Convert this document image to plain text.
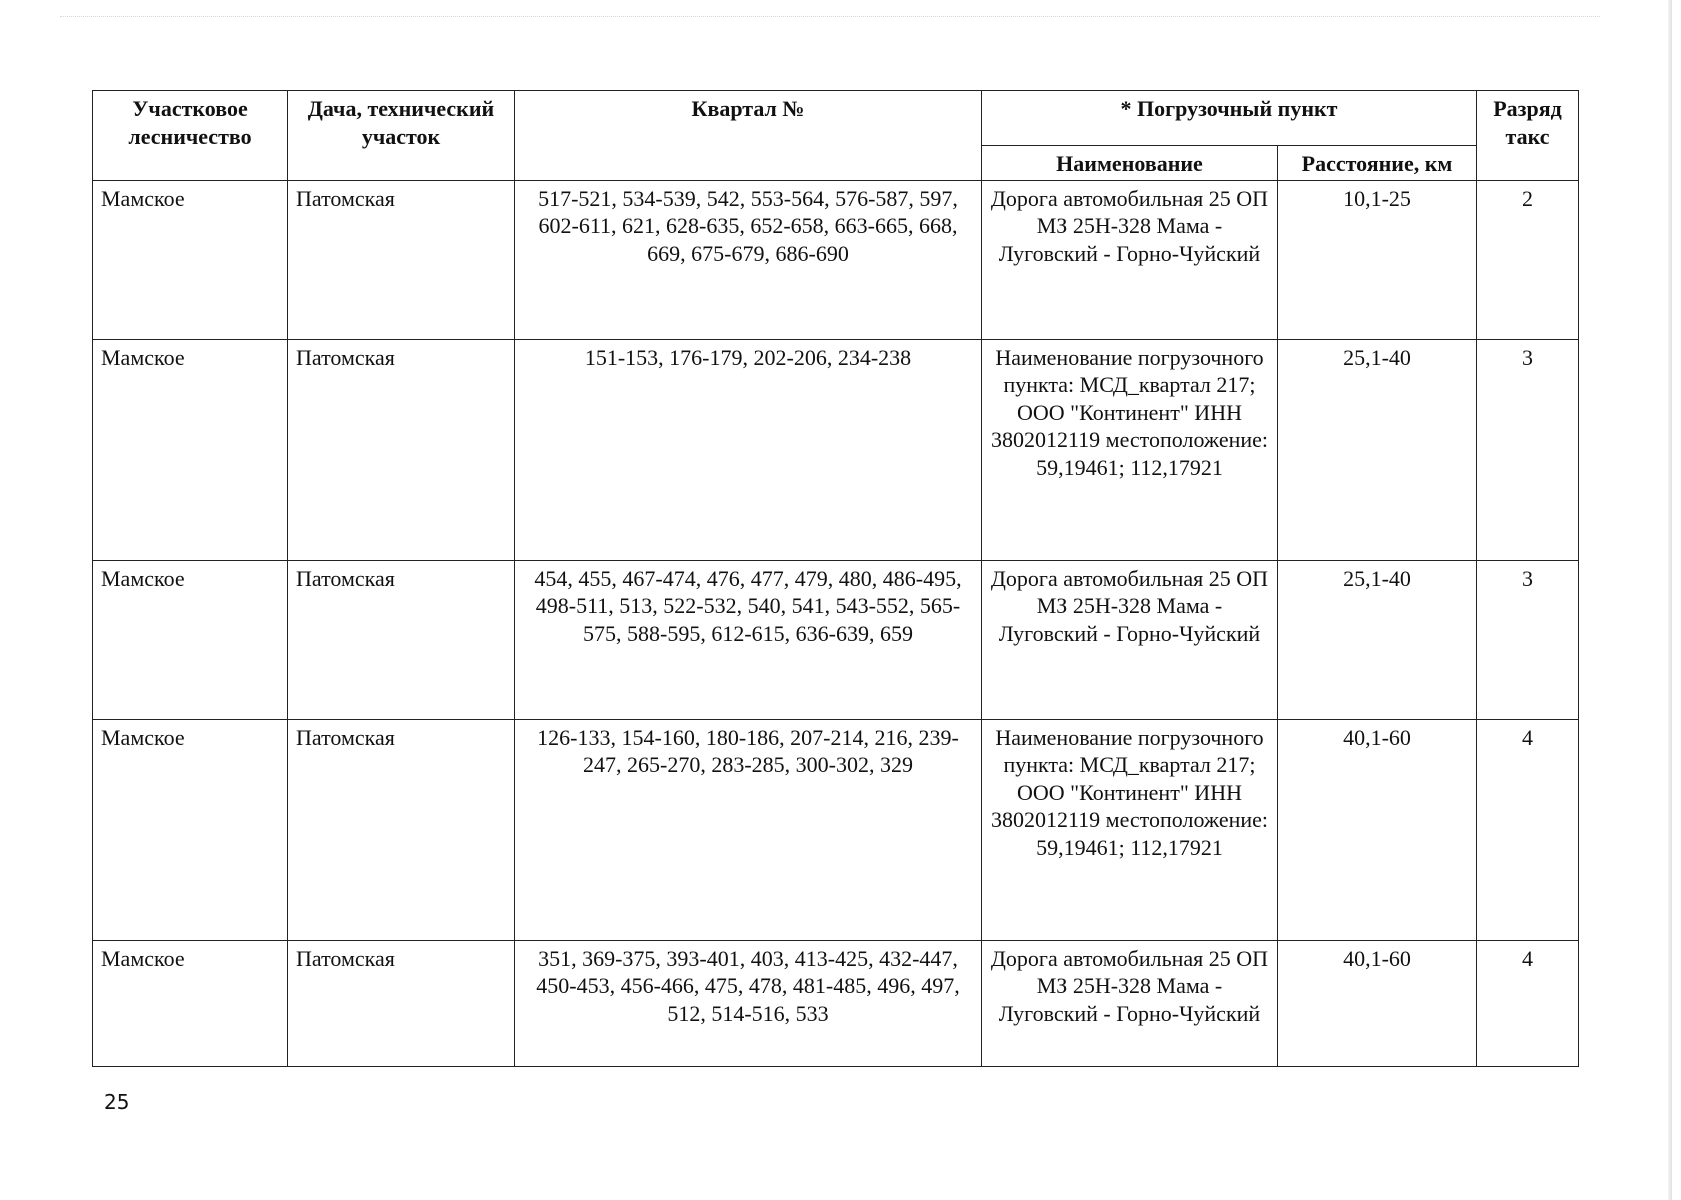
Участковое лесничество	Дача, технический участок	Квартал №	* Погрузочный пункт		Разряд такс
			Наименование	Расстояние, км	
Мамское	Патомская	517-521, 534-539, 542, 553-564, 576-587, 597, 602-611, 621, 628-635, 652-658, 663-665, 668, 669, 675-679, 686-690	Дорога автомобильная 25 ОП МЗ 25Н-328 Мама - Луговский - Горно-Чуйский	10,1-25	2
Мамское	Патомская	151-153, 176-179, 202-206, 234-238	Наименование погрузочного пункта: МСД_квартал 217; ООО "Континент" ИНН 3802012119 местоположение: 59,19461; 112,17921	25,1-40	3
Мамское	Патомская	454, 455, 467-474, 476, 477, 479, 480, 486-495, 498-511, 513, 522-532, 540, 541, 543-552, 565-575, 588-595, 612-615, 636-639, 659	Дорога автомобильная 25 ОП МЗ 25Н-328 Мама - Луговский - Горно-Чуйский	25,1-40	3
Мамское	Патомская	126-133, 154-160, 180-186, 207-214, 216, 239-247, 265-270, 283-285, 300-302, 329	Наименование погрузочного пункта: МСД_квартал 217; ООО "Континент" ИНН 3802012119 местоположение: 59,19461; 112,17921	40,1-60	4
Мамское	Патомская	351, 369-375, 393-401, 403, 413-425, 432-447, 450-453, 456-466, 475, 478, 481-485, 496, 497, 512, 514-516, 533	Дорога автомобильная 25 ОП МЗ 25Н-328 Мама - Луговский - Горно-Чуйский	40,1-60	4
25
